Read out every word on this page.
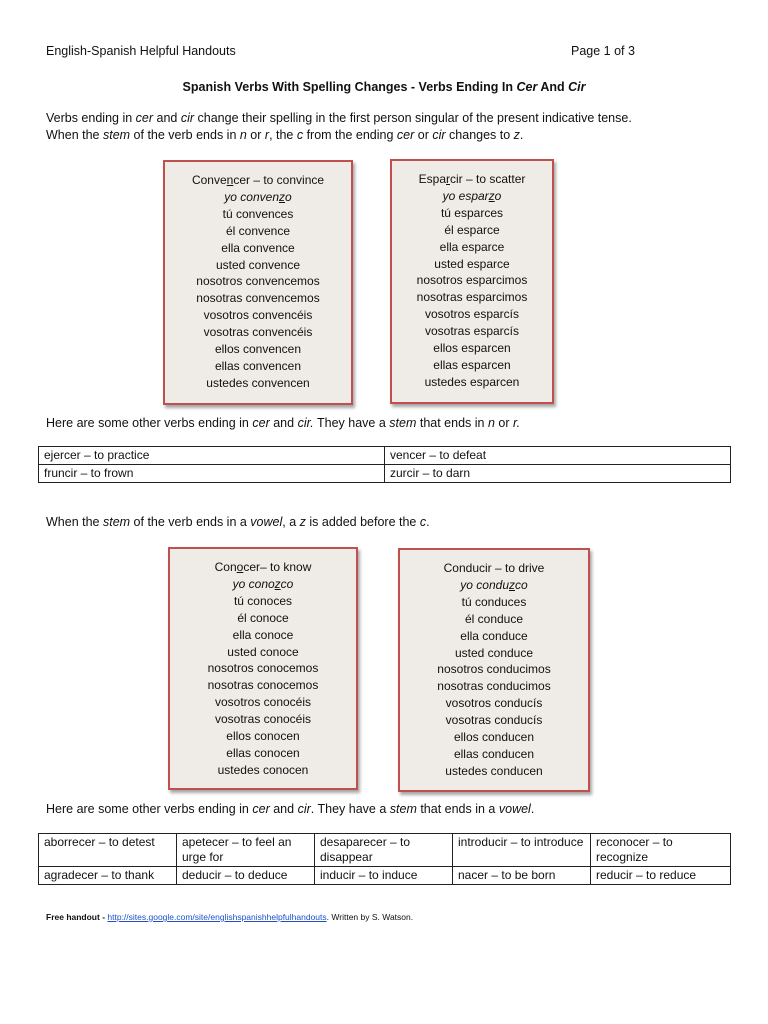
English-Spanish Helpful Handouts	Page 1 of 3
Spanish Verbs With Spelling Changes - Verbs Ending In Cer And Cir
Verbs ending in cer and cir change their spelling in the first person singular of the present indicative tense.
When the stem of the verb ends in n or r, the c from the ending cer or cir changes to z.
Convencer – to convince
yo convenzo
tú convences
él convence
ella convence
usted convence
nosotros convencemos
nosotras convencemos
vosotros convencéis
vosotras convencéis
ellos convencen
ellas convencen
ustedes convencen
Esparcir – to scatter
yo esparzo
tú esparces
él esparce
ella esparce
usted esparce
nosotros esparcimos
nosotras esparcimos
vosotros esparcís
vosotras esparcís
ellos esparcen
ellas esparcen
ustedes esparcen
Here are some other verbs ending in cer and cir. They have a stem that ends in n or r.
ejercer – to practice	vencer – to defeat
fruncir – to frown	zurcir – to darn
When the stem of the verb ends in a vowel, a z is added before the c.
Conocer– to know
yo conozco
tú conoces
él conoce
ella conoce
usted conoce
nosotros conocemos
nosotras conocemos
vosotros conocéis
vosotras conocéis
ellos conocen
ellas conocen
ustedes conocen
Conducir – to drive
yo conduzco
tú conduces
él conduce
ella conduce
usted conduce
nosotros conducimos
nosotras conducimos
vosotros conducís
vosotras conducís
ellos conducen
ellas conducen
ustedes conducen
Here are some other verbs ending in cer and cir. They have a stem that ends in a vowel.
aborrecer – to detest	apetecer – to feel an urge for	desaparecer – to disappear	introducir – to introduce	reconocer – to recognize
agradecer – to thank	deducir – to deduce	inducir – to induce	nacer – to be born	reducir – to reduce
Free handout - http://sites.google.com/site/englishspanishhelpfulhandouts. Written by S. Watson.
